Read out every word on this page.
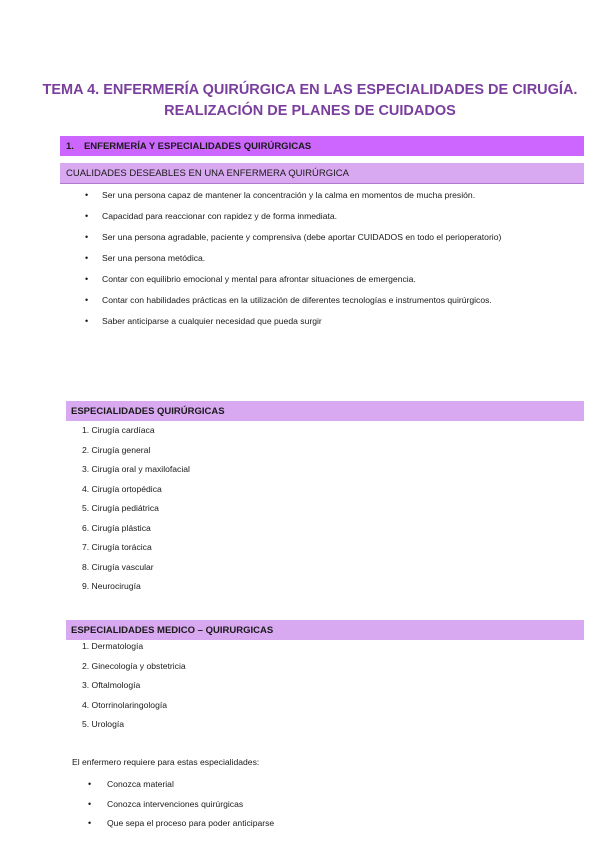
TEMA 4. ENFERMERÍA QUIRÚRGICA EN LAS ESPECIALIDADES DE CIRUGÍA.
REALIZACIÓN DE PLANES DE CUIDADOS
1. ENFERMERÍA Y ESPECIALIDADES QUIRÚRGICAS
CUALIDADES DESEABLES EN UNA ENFERMERA QUIRÚRGICA
• Ser una persona capaz de mantener la concentración y la calma en momentos de mucha presión.
• Capacidad para reaccionar con rapidez y de forma inmediata.
• Ser una persona agradable, paciente y comprensiva (debe aportar CUIDADOS en todo el perioperatorio)
• Ser una persona metódica.
• Contar con equilibrio emocional y mental para afrontar situaciones de emergencia.
• Contar con habilidades prácticas en la utilización de diferentes tecnologías e instrumentos quirúrgicos.
• Saber anticiparse a cualquier necesidad que pueda surgir
ESPECIALIDADES QUIRÚRGICAS
1. Cirugía cardíaca
2. Cirugía general
3. Cirugía oral y maxilofacial
4. Cirugía ortopédica
5. Cirugía pediátrica
6. Cirugía plástica
7. Cirugía torácica
8. Cirugía vascular
9. Neurocirugía
ESPECIALIDADES MEDICO – QUIRURGICAS
1. Dermatología
2. Ginecología y obstetricia
3. Oftalmología
4. Otorrinolaringología
5. Urología
El enfermero requiere para estas especialidades:
• Conozca material
• Conozca intervenciones quirúrgicas
• Que sepa el proceso para poder anticiparse
